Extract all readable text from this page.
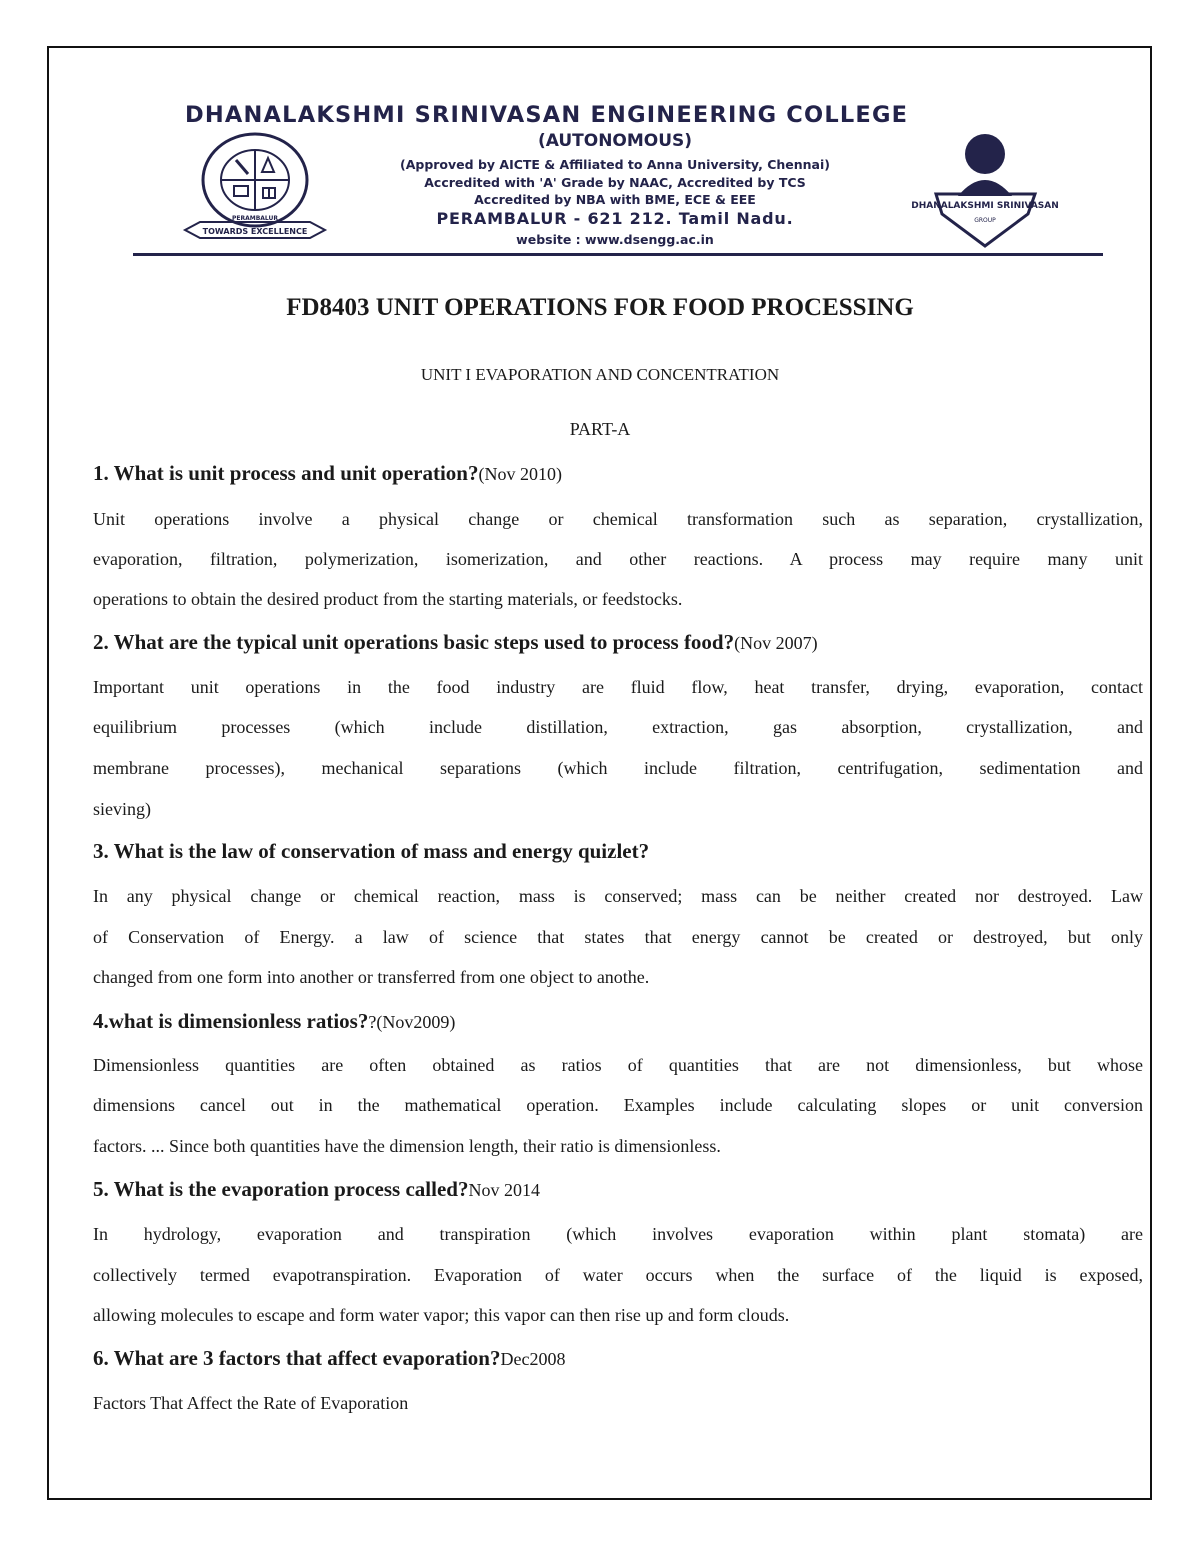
TOWARDS EXCELLENCE
PERAMBALUR
DHANALAKSHMI SRINIVASAN ENGINEERING COLLEGE
(AUTONOMOUS)
(Approved by AICTE & Affiliated to Anna University, Chennai)
Accredited with 'A' Grade by NAAC, Accredited by TCS
Accredited by NBA with BME, ECE & EEE
PERAMBALUR - 621 212. Tamil Nadu.
website : www.dsengg.ac.in
DHANALAKSHMI SRINIVASAN
GROUP
FD8403 UNIT OPERATIONS FOR FOOD PROCESSING
UNIT I EVAPORATION AND CONCENTRATION
PART-A
1. What is unit process and unit operation?(Nov 2010)
Unit operations involve a physical change or chemical transformation such as separation, crystallization,
evaporation, filtration, polymerization, isomerization, and other reactions. A process may require many unit
operations to obtain the desired product from the starting materials, or feedstocks.
2. What are the typical unit operations basic steps used to process food?(Nov 2007)
Important unit operations in the food industry are fluid flow, heat transfer, drying, evaporation, contact
equilibrium processes (which include distillation, extraction, gas absorption, crystallization, and
membrane processes), mechanical separations (which include filtration, centrifugation, sedimentation and
sieving)
3. What is the law of conservation of mass and energy quizlet?
In any physical change or chemical reaction, mass is conserved; mass can be neither created nor destroyed. Law
of Conservation of Energy. a law of science that states that energy cannot be created or destroyed, but only
changed from one form into another or transferred from one object to anothe.
4.what is dimensionless ratios??(Nov2009)
Dimensionless quantities are often obtained as ratios of quantities that are not dimensionless, but whose
dimensions cancel out in the mathematical operation. Examples include calculating slopes or unit conversion
factors. ... Since both quantities have the dimension length, their ratio is dimensionless.
5. What is the evaporation process called?Nov 2014
In hydrology, evaporation and transpiration (which involves evaporation within plant stomata) are
collectively termed evapotranspiration. Evaporation of water occurs when the surface of the liquid is exposed,
allowing molecules to escape and form water vapor; this vapor can then rise up and form clouds.
6. What are 3 factors that affect evaporation?Dec2008
Factors That Affect the Rate of Evaporation
